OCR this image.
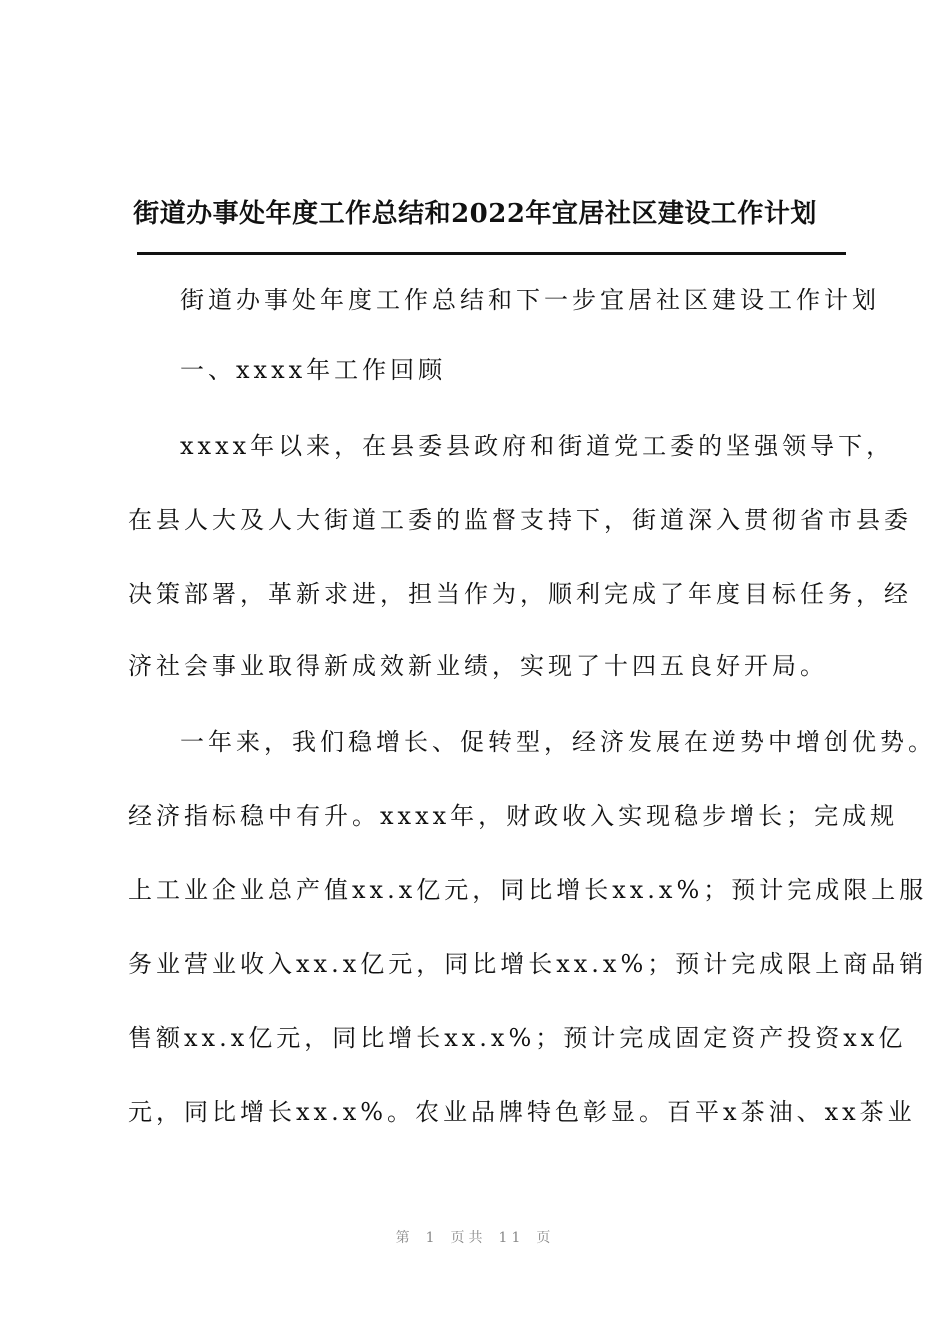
街道办事处年度工作总结和2022年宜居社区建设工作计划
街道办事处年度工作总结和下一步宜居社区建设工作计划
一、xxxx年工作回顾
xxxx年以来，在县委县政府和街道党工委的坚强领导下，
在县人大及人大街道工委的监督支持下，街道深入贯彻省市县委
决策部署，革新求进，担当作为，顺利完成了年度目标任务，经
济社会事业取得新成效新业绩，实现了十四五良好开局。
一年来，我们稳增长、促转型，经济发展在逆势中增创优势。
经济指标稳中有升。xxxx年，财政收入实现稳步增长；完成规
上工业企业总产值xx.x亿元，同比增长xx.x%；预计完成限上服
务业营业收入xx.x亿元，同比增长xx.x%；预计完成限上商品销
售额xx.x亿元，同比增长xx.x%；预计完成固定资产投资xx亿
元，同比增长xx.x%。农业品牌特色彰显。百平x茶油、xx茶业
第 1 页共 11 页
